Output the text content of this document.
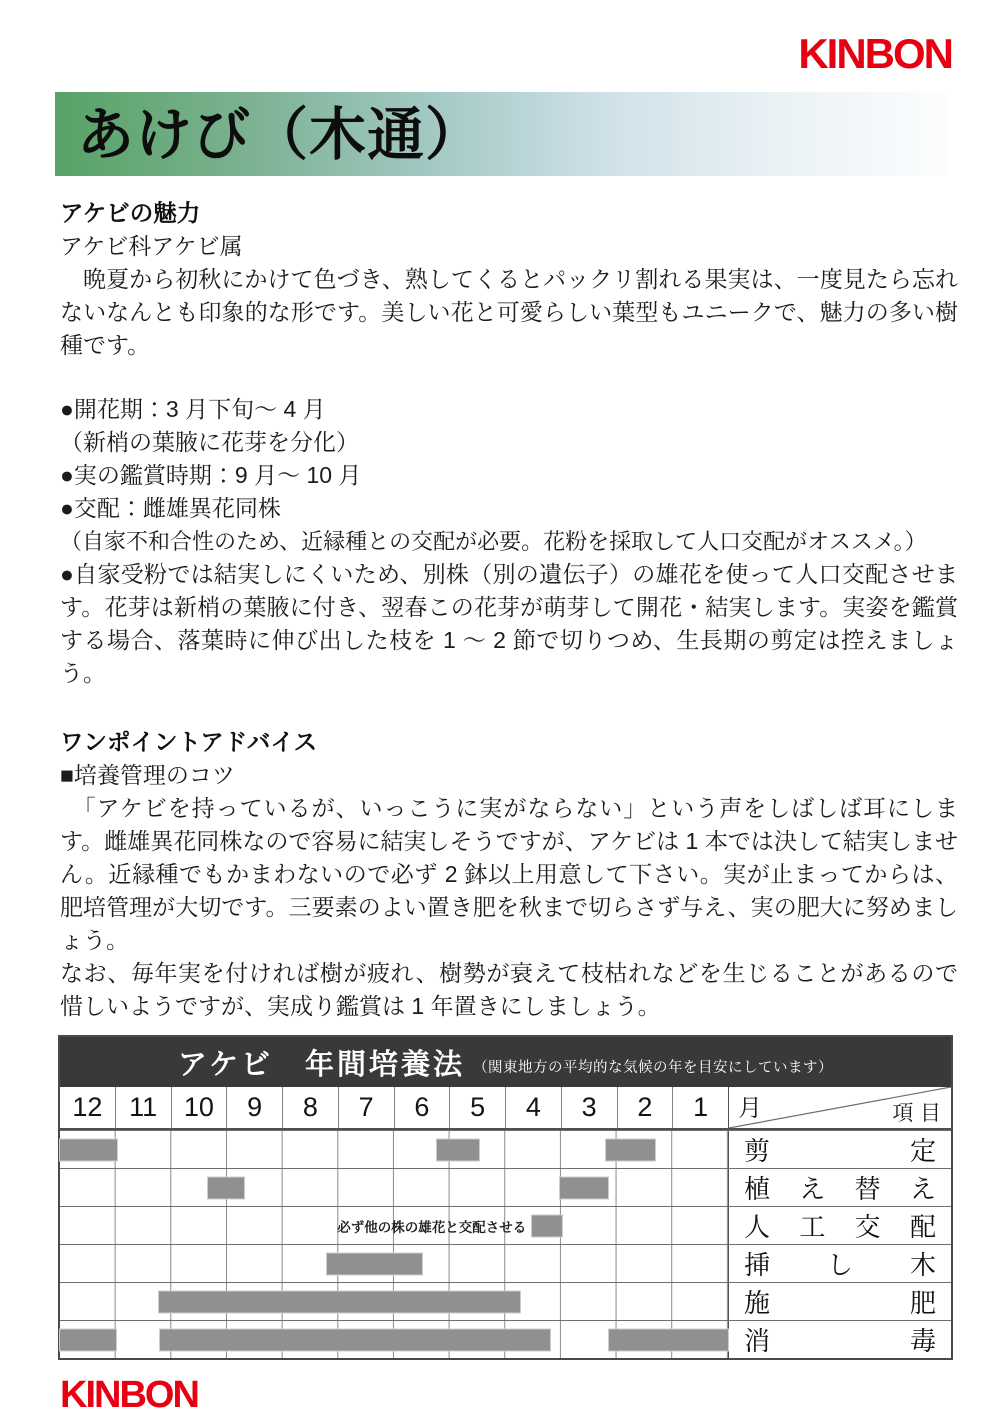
KINBON
あけび（木通）
アケビの魅力
アケビ科アケビ属
　晩夏から初秋にかけて色づき、熟してくるとパックリ割れる果実は、一度見たら忘れないなんとも印象的な形です。美しい花と可愛らしい葉型もユニークで、魅力の多い樹種です。
●開花期：3 月下旬～ 4 月
（新梢の葉腋に花芽を分化）
●実の鑑賞時期：9 月～ 10 月
●交配：雌雄異花同株
（自家不和合性のため、近縁種との交配が必要。花粉を採取して人口交配がオススメ。）
●自家受粉では結実しにくいため、別株（別の遺伝子）の雄花を使って人口交配させます。花芽は新梢の葉腋に付き、翌春この花芽が萌芽して開花・結実します。実姿を鑑賞する場合、落葉時に伸び出した枝を 1 ～ 2 節で切りつめ、生長期の剪定は控えましょう。
ワンポイントアドバイス
■培養管理のコツ
　「アケビを持っているが、いっこうに実がならない」という声をしばしば耳にします。雌雄異花同株なので容易に結実しそうですが、アケビは 1 本では決して結実しません。近縁種でもかまわないので必ず 2 鉢以上用意して下さい。実が止まってからは、肥培管理が大切です。三要素のよい置き肥を秋まで切らさず与え、実の肥大に努めましょう。
なお、毎年実を付ければ樹が疲れ、樹勢が衰えて枝枯れなどを生じることがあるので惜しいようですが、実成り鑑賞は 1 年置きにしましょう。
アケビ　年間培養法 （関東地方の平均的な気候の年を目安にしています）
12 11 10	9	8	7	6	5	4	3	2	1	月	項 目
剪	定
植 え 替 え
必ず他の株の雄花と交配させる	人 工 交 配
挿 し 木
施	肥
消	毒
KINBON
